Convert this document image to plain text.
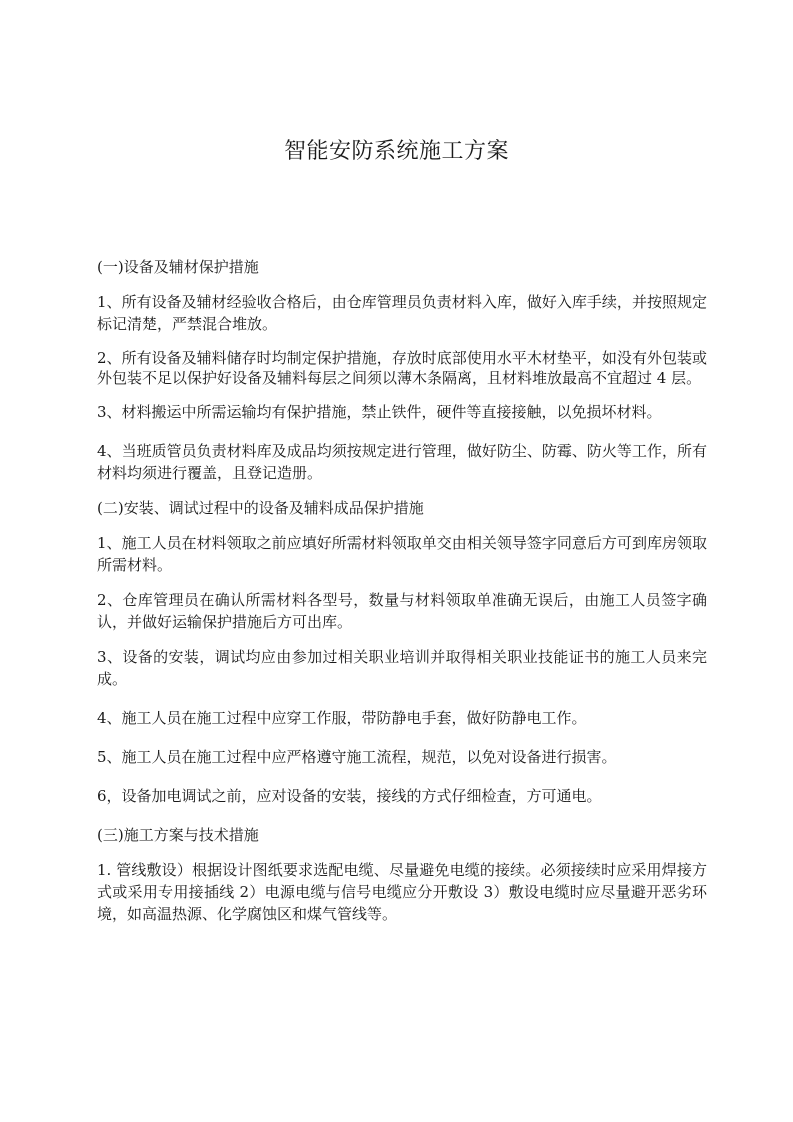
智能安防系统施工方案

(一)设备及辅材保护措施

1、所有设备及辅材经验收合格后，由仓库管理员负责材料入库，做好入库手续，并按照规定标记清楚，严禁混合堆放。

2、所有设备及辅料储存时均制定保护措施，存放时底部使用水平木材垫平，如没有外包装或外包装不足以保护好设备及辅料每层之间须以薄木条隔离，且材料堆放最高不宜超过 4 层。

3、材料搬运中所需运输均有保护措施，禁止铁件，硬件等直接接触，以免损坏材料。

4、当班质管员负责材料库及成品均须按规定进行管理，做好防尘、防霉、防火等工作，所有材料均须进行覆盖，且登记造册。

(二)安装、调试过程中的设备及辅料成品保护措施

1、施工人员在材料领取之前应填好所需材料领取单交由相关领导签字同意后方可到库房领取所需材料。

2、仓库管理员在确认所需材料各型号，数量与材料领取单准确无误后，由施工人员签字确认，并做好运输保护措施后方可出库。

3、设备的安装，调试均应由参加过相关职业培训并取得相关职业技能证书的施工人员来完成。

4、施工人员在施工过程中应穿工作服，带防静电手套，做好防静电工作。

5、施工人员在施工过程中应严格遵守施工流程，规范，以免对设备进行损害。

6，设备加电调试之前，应对设备的安装，接线的方式仔细检查，方可通电。

(三)施工方案与技术措施

1. 管线敷设）根据设计图纸要求选配电缆、尽量避免电缆的接续。必须接续时应采用焊接方式或采用专用接插线 2）电源电缆与信号电缆应分开敷设 3）敷设电缆时应尽量避开恶劣环境，如高温热源、化学腐蚀区和煤气管线等。
